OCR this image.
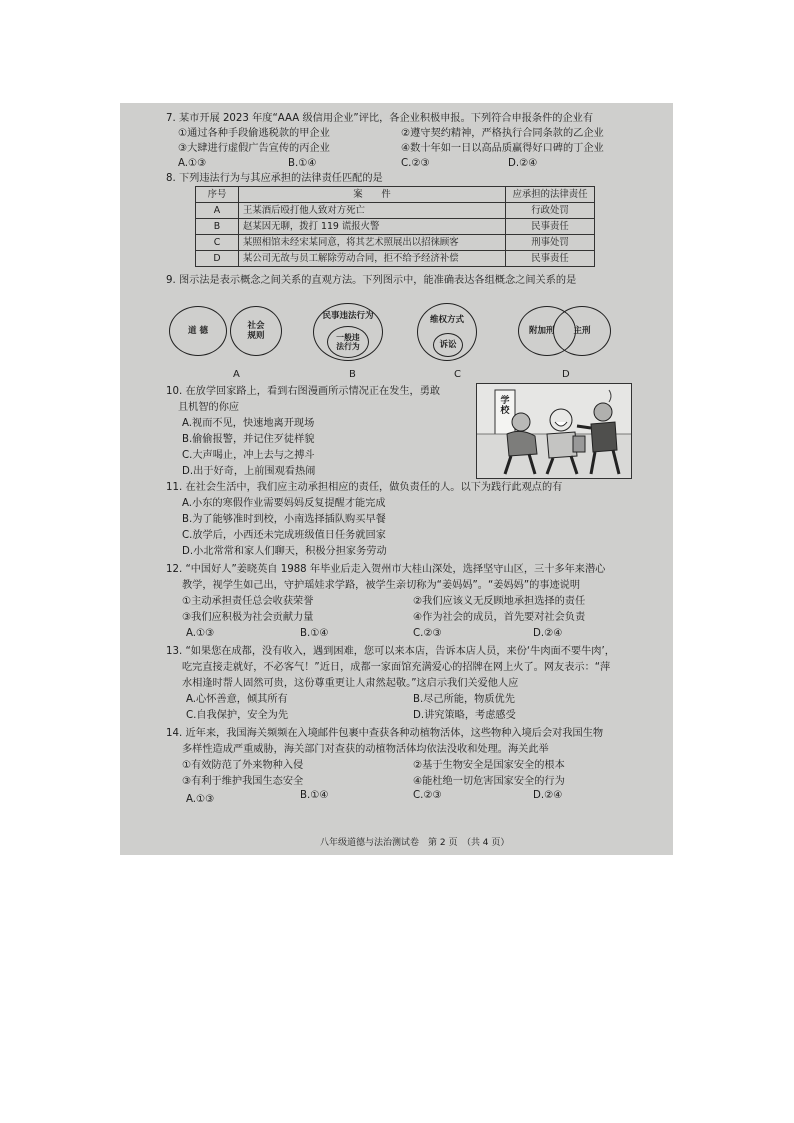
7. 某市开展 2023 年度“AAA 级信用企业”评比，各企业积极申报。下列符合申报条件的企业有
①通过各种手段偷逃税款的甲企业	②遵守契约精神，严格执行合同条款的乙企业
③大肆进行虚假广告宣传的丙企业	④数十年如一日以高品质赢得好口碑的丁企业
A.①③	B.①④	C.②③	D.②④
8. 下列违法行为与其应承担的法律责任匹配的是
序号	案　　件	应承担的法律责任
A	王某酒后殴打他人致对方死亡	行政处罚
B	赵某因无聊，拨打 119 谎报火警	民事责任
C	某照相馆未经宋某同意，将其艺术照展出以招徕顾客	刑事处罚
D	某公司无故与员工解除劳动合同，拒不给予经济补偿	民事责任
9. 图示法是表示概念之间关系的直观方法。下列图示中，能准确表达各组概念之间关系的是
道 德	社会
规则
A
民事违法行为
一般违
法行为
B
维权方式
诉讼
C
附加刑	主刑
D
10. 在放学回家路上，看到右图漫画所示情况正在发生，勇敢
且机智的你应
A.视而不见，快速地离开现场
B.偷偷报警，并记住歹徒样貌
C.大声喝止，冲上去与之搏斗
D.出于好奇，上前围观看热闹
学校
11. 在社会生活中，我们应主动承担相应的责任，做负责任的人。以下为践行此观点的有
A.小东的寒假作业需要妈妈反复提醒才能完成
B.为了能够准时到校，小南选择插队购买早餐
C.放学后，小西还未完成班级值日任务就回家
D.小北常常和家人们聊天，积极分担家务劳动
12. “中国好人”姜晓英自 1988 年毕业后走入贺州市大桂山深处，选择坚守山区，三十多年来潜心
教学，视学生如己出，守护瑶娃求学路，被学生亲切称为“姜妈妈”。“姜妈妈”的事迹说明
①主动承担责任总会收获荣誉	②我们应该义无反顾地承担选择的责任
③我们应积极为社会贡献力量	④作为社会的成员，首先要对社会负责
A.①③	B.①④	C.②③	D.②④
13. “如果您在成都，没有收入，遇到困难，您可以来本店，告诉本店人员，来份‘牛肉面不要牛肉’，
吃完直接走就好，不必客气！”近日，成都一家面馆充满爱心的招牌在网上火了。网友表示：“萍
水相逢时帮人固然可贵，这份尊重更让人肃然起敬。”这启示我们关爱他人应
A.心怀善意，倾其所有	B.尽己所能，物质优先
C.自我保护，安全为先	D.讲究策略，考虑感受
14. 近年来，我国海关频频在入境邮件包裹中查获各种动植物活体，这些物种入境后会对我国生物
多样性造成严重威胁，海关部门对查获的动植物活体均依法没收和处理。海关此举
①有效防范了外来物种入侵	②基于生物安全是国家安全的根本
③有利于维护我国生态安全	④能杜绝一切危害国家安全的行为
A.①③	B.①④	C.②③	D.②④
八年级道德与法治测试卷　第 2 页　（共 4 页）
